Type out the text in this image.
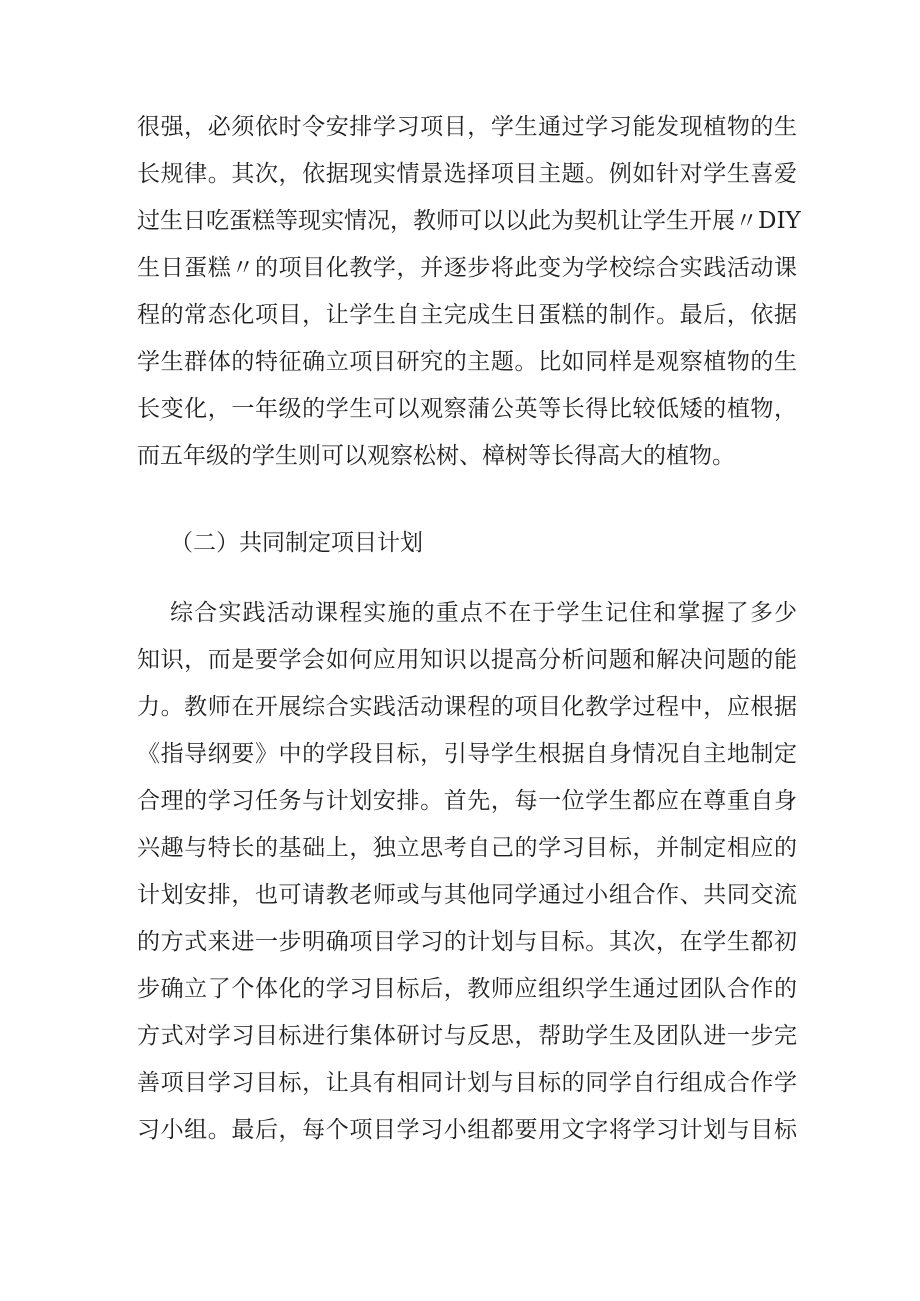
很强，必须依时令安排学习项目，学生通过学习能发现植物的生
长规律。其次，依据现实情景选择项目主题。例如针对学生喜爱
过生日吃蛋糕等现实情况，教师可以以此为契机让学生开展〃DIY
生日蛋糕〃的项目化教学，并逐步将此变为学校综合实践活动课
程的常态化项目，让学生自主完成生日蛋糕的制作。最后，依据
学生群体的特征确立项目研究的主题。比如同样是观察植物的生
长变化，一年级的学生可以观察蒲公英等长得比较低矮的植物，
而五年级的学生则可以观察松树、樟树等长得高大的植物。
（二）共同制定项目计划
综合实践活动课程实施的重点不在于学生记住和掌握了多少
知识，而是要学会如何应用知识以提高分析问题和解决问题的能
力。教师在开展综合实践活动课程的项目化教学过程中，应根据
《指导纲要》中的学段目标，引导学生根据自身情况自主地制定
合理的学习任务与计划安排。首先，每一位学生都应在尊重自身
兴趣与特长的基础上，独立思考自己的学习目标，并制定相应的
计划安排，也可请教老师或与其他同学通过小组合作、共同交流
的方式来进一步明确项目学习的计划与目标。其次，在学生都初
步确立了个体化的学习目标后，教师应组织学生通过团队合作的
方式对学习目标进行集体研讨与反思，帮助学生及团队进一步完
善项目学习目标，让具有相同计划与目标的同学自行组成合作学
习小组。最后，每个项目学习小组都要用文字将学习计划与目标
